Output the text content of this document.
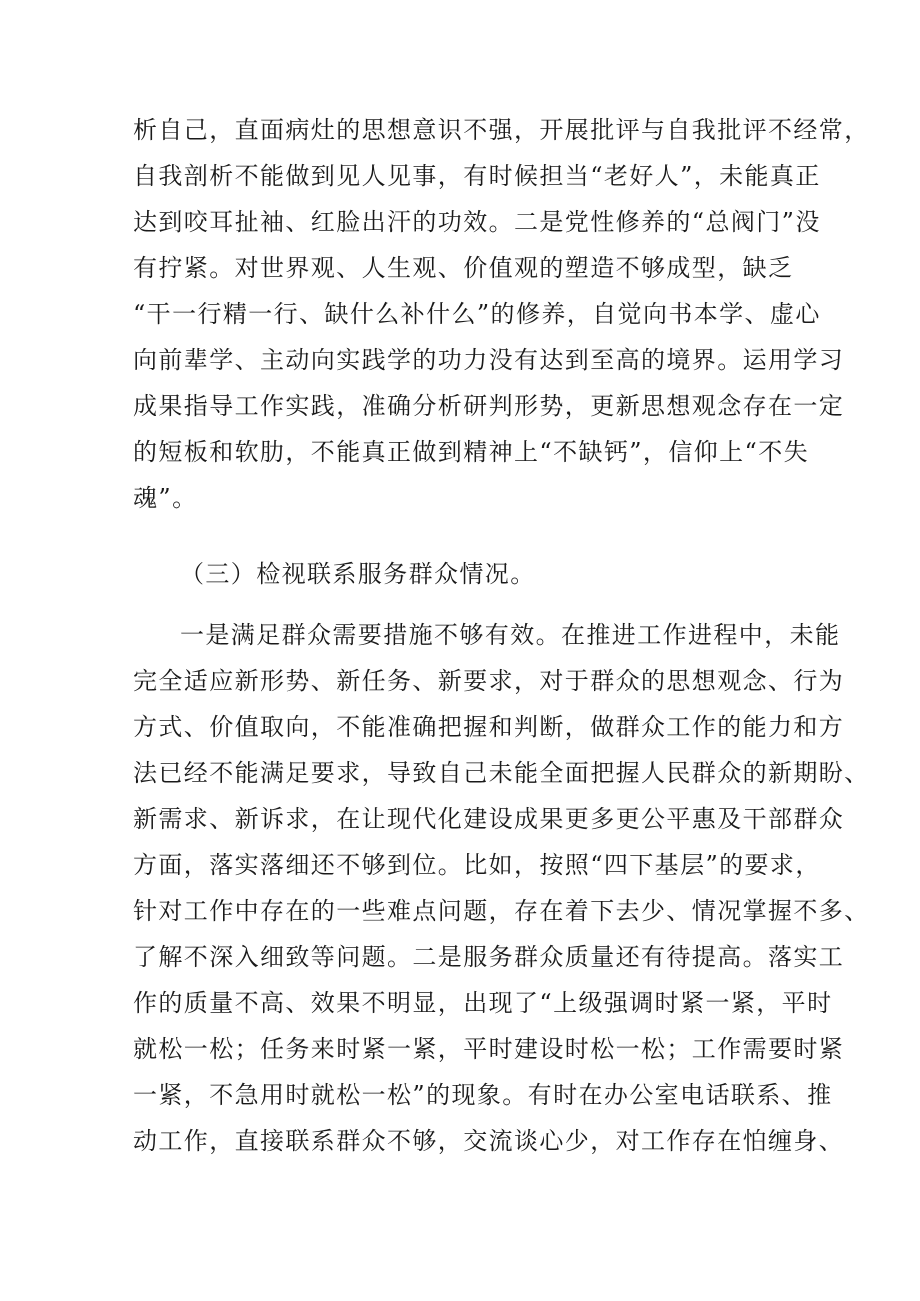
析自己，直面病灶的思想意识不强，开展批评与自我批评不经常，
自我剖析不能做到见人见事，有时候担当“老好人”，未能真正
达到咬耳扯袖、红脸出汗的功效。二是党性修养的“总阀门”没
有拧紧。对世界观、人生观、价值观的塑造不够成型，缺乏
“干一行精一行、缺什么补什么”的修养，自觉向书本学、虚心
向前辈学、主动向实践学的功力没有达到至高的境界。运用学习
成果指导工作实践，准确分析研判形势，更新思想观念存在一定
的短板和软肋，不能真正做到精神上“不缺钙”，信仰上“不失
魂”。
（三）检视联系服务群众情况。
一是满足群众需要措施不够有效。在推进工作进程中，未能
完全适应新形势、新任务、新要求，对于群众的思想观念、行为
方式、价值取向，不能准确把握和判断，做群众工作的能力和方
法已经不能满足要求，导致自己未能全面把握人民群众的新期盼、
新需求、新诉求，在让现代化建设成果更多更公平惠及干部群众
方面，落实落细还不够到位。比如，按照“四下基层”的要求，
针对工作中存在的一些难点问题，存在着下去少、情况掌握不多、
了解不深入细致等问题。二是服务群众质量还有待提高。落实工
作的质量不高、效果不明显，出现了“上级强调时紧一紧，平时
就松一松；任务来时紧一紧，平时建设时松一松；工作需要时紧
一紧，不急用时就松一松”的现象。有时在办公室电话联系、推
动工作，直接联系群众不够，交流谈心少，对工作存在怕缠身、
